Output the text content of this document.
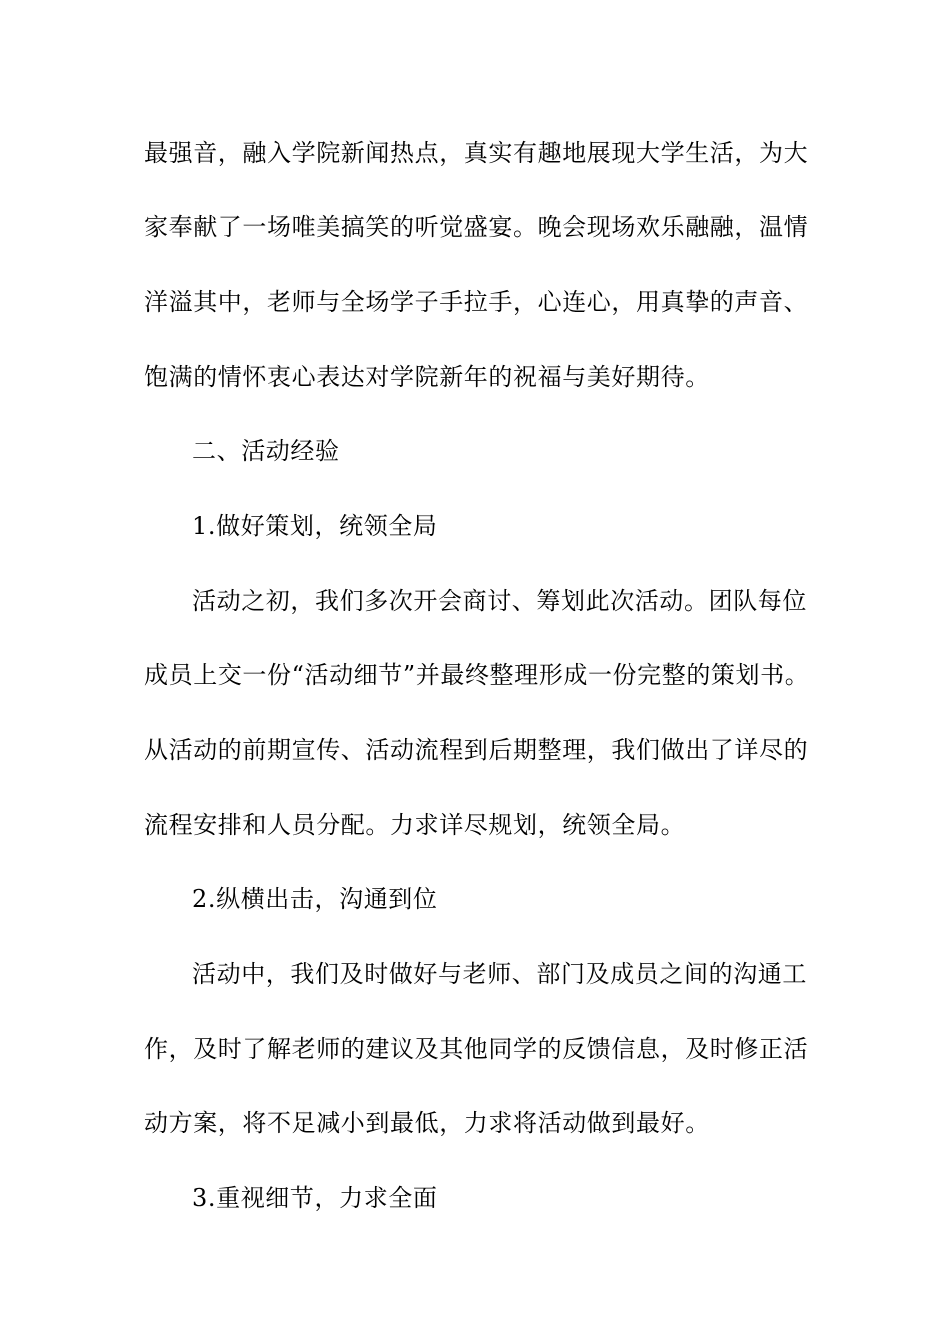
最强音，融入学院新闻热点，真实有趣地展现大学生活，为大
家奉献了一场唯美搞笑的听觉盛宴。晚会现场欢乐融融，温情
洋溢其中，老师与全场学子手拉手，心连心，用真挚的声音、
饱满的情怀衷心表达对学院新年的祝福与美好期待。
二、活动经验
1.做好策划，统领全局
活动之初，我们多次开会商讨、筹划此次活动。团队每位
成员上交一份“活动细节”并最终整理形成一份完整的策划书。
从活动的前期宣传、活动流程到后期整理，我们做出了详尽的
流程安排和人员分配。力求详尽规划，统领全局。
2.纵横出击，沟通到位
活动中，我们及时做好与老师、部门及成员之间的沟通工
作，及时了解老师的建议及其他同学的反馈信息，及时修正活
动方案，将不足减小到最低，力求将活动做到最好。
3.重视细节，力求全面
